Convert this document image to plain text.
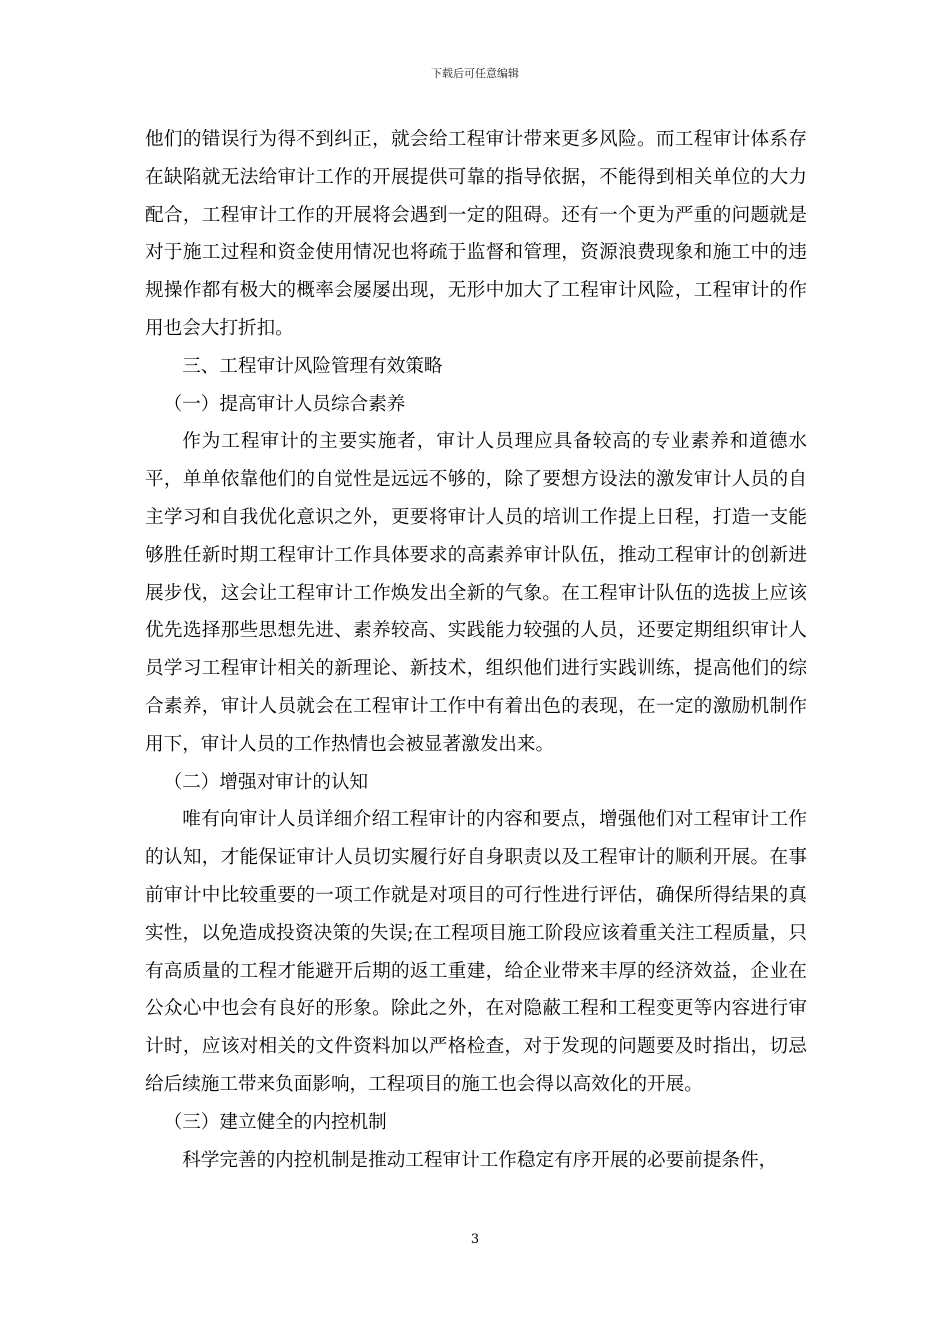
下载后可任意编辑

他们的错误行为得不到纠正，就会给工程审计带来更多风险。而工程审计体系存在缺陷就无法给审计工作的开展提供可靠的指导依据，不能得到相关单位的大力配合，工程审计工作的开展将会遇到一定的阻碍。还有一个更为严重的问题就是对于施工过程和资金使用情况也将疏于监督和管理，资源浪费现象和施工中的违规操作都有极大的概率会屡屡出现，无形中加大了工程审计风险，工程审计的作用也会大打折扣。

三、工程审计风险管理有效策略

（一）提高审计人员综合素养

作为工程审计的主要实施者，审计人员理应具备较高的专业素养和道德水平，单单依靠他们的自觉性是远远不够的，除了要想方设法的激发审计人员的自主学习和自我优化意识之外，更要将审计人员的培训工作提上日程，打造一支能够胜任新时期工程审计工作具体要求的高素养审计队伍，推动工程审计的创新进展步伐，这会让工程审计工作焕发出全新的气象。在工程审计队伍的选拔上应该优先选择那些思想先进、素养较高、实践能力较强的人员，还要定期组织审计人员学习工程审计相关的新理论、新技术，组织他们进行实践训练，提高他们的综合素养，审计人员就会在工程审计工作中有着出色的表现，在一定的激励机制作用下，审计人员的工作热情也会被显著激发出来。

（二）增强对审计的认知

唯有向审计人员详细介绍工程审计的内容和要点，增强他们对工程审计工作的认知，才能保证审计人员切实履行好自身职责以及工程审计的顺利开展。在事前审计中比较重要的一项工作就是对项目的可行性进行评估，确保所得结果的真实性，以免造成投资决策的失误;在工程项目施工阶段应该着重关注工程质量，只有高质量的工程才能避开后期的返工重建，给企业带来丰厚的经济效益，企业在公众心中也会有良好的形象。除此之外，在对隐蔽工程和工程变更等内容进行审计时，应该对相关的文件资料加以严格检查，对于发现的问题要及时指出，切忌给后续施工带来负面影响，工程项目的施工也会得以高效化的开展。

（三）建立健全的内控机制

科学完善的内控机制是推动工程审计工作稳定有序开展的必要前提条件，

3
